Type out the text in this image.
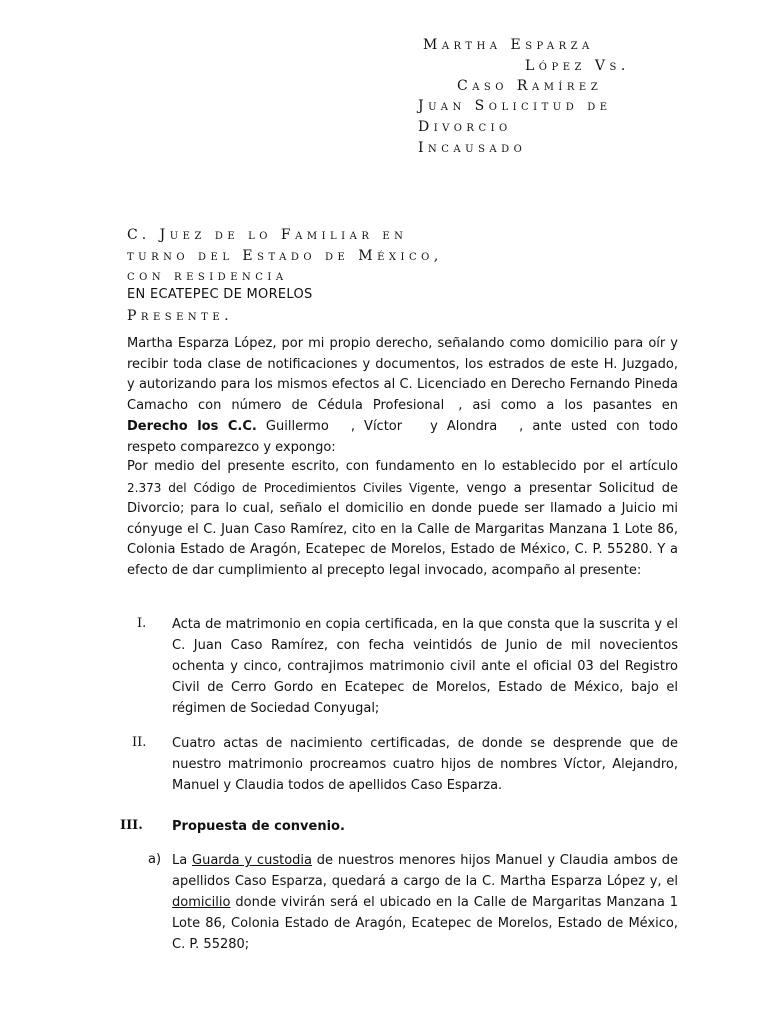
Martha Esparza
López Vs.
Caso Ramírez
Juan Solicitud de
Divorcio
Incausado
C. Juez de lo Familiar en
turno del Estado de México,
con residencia
EN ECATEPEC DE MORELOS
Presente.
Martha Esparza López, por mi propio derecho, señalando como domicilio para oír y recibir toda clase de notificaciones y documentos, los estrados de este H. Juzgado, y autorizando para los mismos efectos al C. Licenciado en Derecho Fernando Pineda Camacho con número de Cédula Profesional , asi como a los pasantes en Derecho los C.C. Guillermo , Víctor y Alondra , ante usted con todo respeto comparezco y expongo:
Por medio del presente escrito, con fundamento en lo establecido por el artículo 2.373 del Código de Procedimientos Civiles Vigente, vengo a presentar Solicitud de Divorcio; para lo cual, señalo el domicilio en donde puede ser llamado a Juicio mi cónyuge el C. Juan Caso Ramírez, cito en la Calle de Margaritas Manzana 1 Lote 86, Colonia Estado de Aragón, Ecatepec de Morelos, Estado de México, C. P. 55280. Y a efecto de dar cumplimiento al precepto legal invocado, acompaño al presente:
I. Acta de matrimonio en copia certificada, en la que consta que la suscrita y el C. Juan Caso Ramírez, con fecha veintidós de Junio de mil novecientos ochenta y cinco, contrajimos matrimonio civil ante el oficial 03 del Registro Civil de Cerro Gordo en Ecatepec de Morelos, Estado de México, bajo el régimen de Sociedad Conyugal;
II. Cuatro actas de nacimiento certificadas, de donde se desprende que de nuestro matrimonio procreamos cuatro hijos de nombres Víctor, Alejandro, Manuel y Claudia todos de apellidos Caso Esparza.
III. Propuesta de convenio.
a) La Guarda y custodia de nuestros menores hijos Manuel y Claudia ambos de apellidos Caso Esparza, quedará a cargo de la C. Martha Esparza López y, el domicilio donde vivirán será el ubicado en la Calle de Margaritas Manzana 1 Lote 86, Colonia Estado de Aragón, Ecatepec de Morelos, Estado de México, C. P. 55280;
